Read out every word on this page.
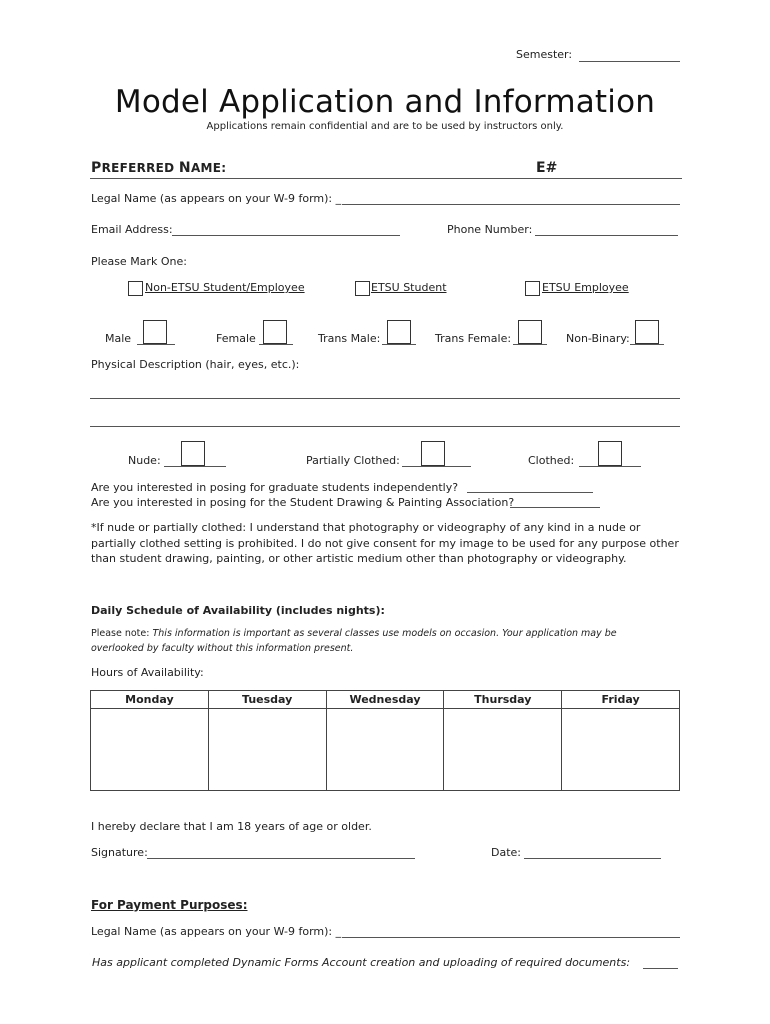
Semester:
Model Application and Information
Applications remain confidential and are to be used by instructors only.
PREFERRED NAME:	E#
Legal Name (as appears on your W-9 form): _
Email Address:	Phone Number:
Please Mark One:
Non-ETSU Student/Employee	ETSU Student	ETSU Employee
Male	Female	Trans Male:	Trans Female:	Non-Binary:
Physical Description (hair, eyes, etc.):
Nude:	Partially Clothed:	Clothed:
Are you interested in posing for graduate students independently?
Are you interested in posing for the Student Drawing & Painting Association?
*If nude or partially clothed: I understand that photography or videography of any kind in a nude or
partially clothed setting is prohibited. I do not give consent for my image to be used for any purpose other
than student drawing, painting, or other artistic medium other than photography or videography.
Daily Schedule of Availability (includes nights):
Please note: This information is important as several classes use models on occasion. Your application may be
overlooked by faculty without this information present.
Hours of Availability:
Monday	Tuesday	Wednesday	Thursday	Friday

I hereby declare that I am 18 years of age or older.
Signature:	Date:
For Payment Purposes:
Legal Name (as appears on your W-9 form): _
Has applicant completed Dynamic Forms Account creation and uploading of required documents:
